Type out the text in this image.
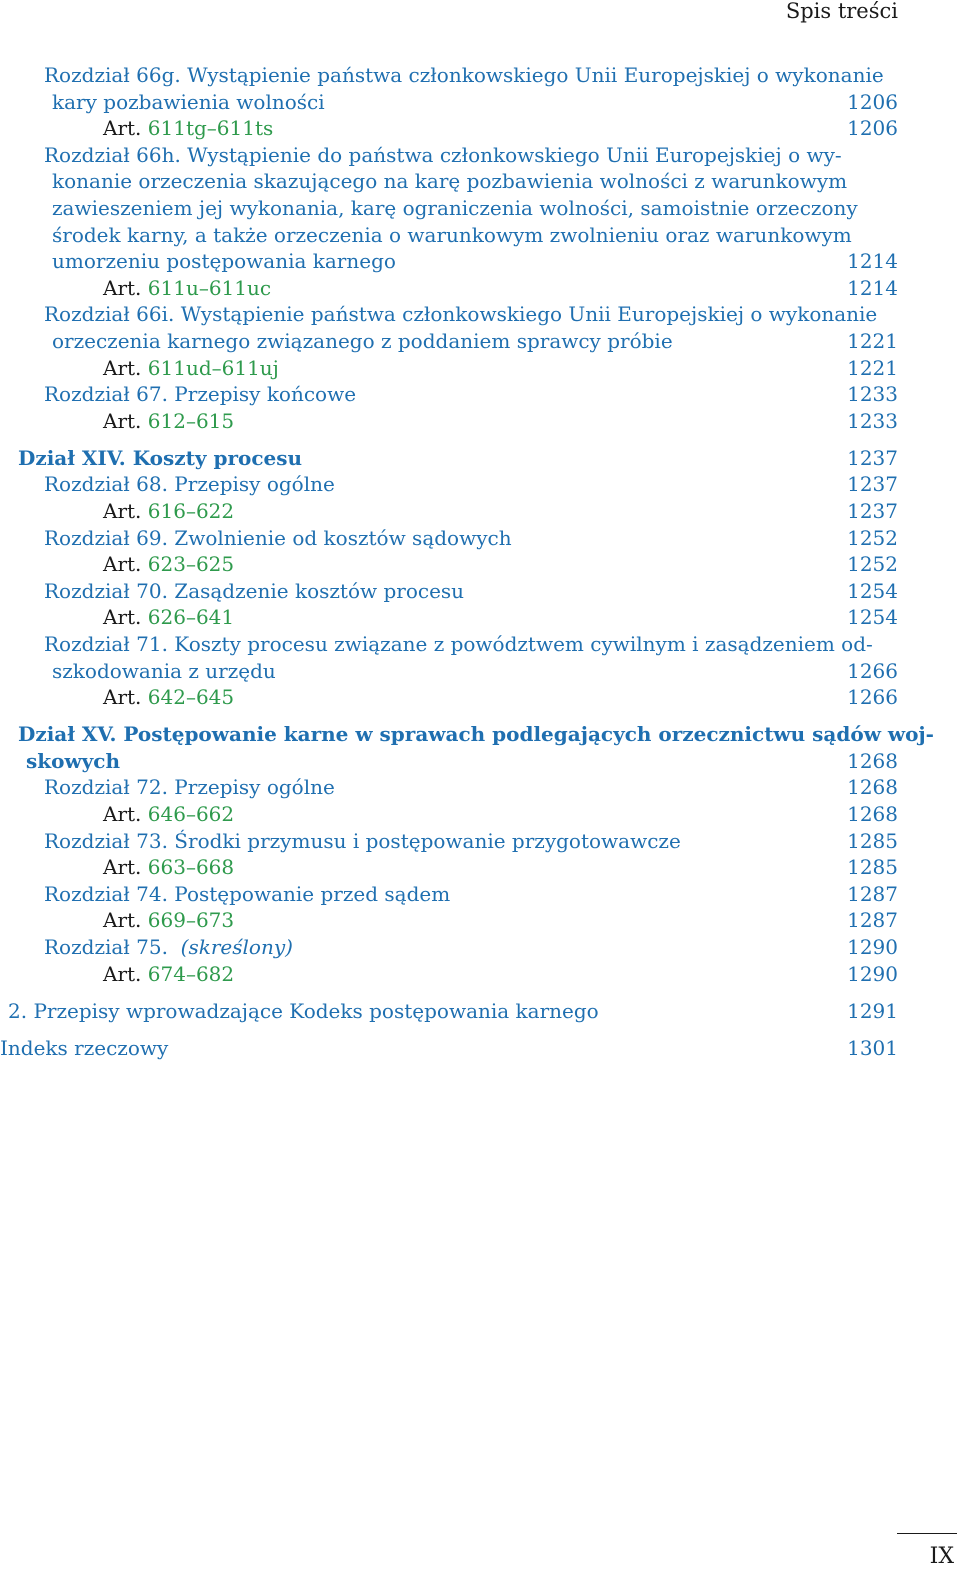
Spis treści
Rozdział 66g. Wystąpienie państwa członkowskiego Unii Europejskiej o wykonanie
kary pozbawienia wolności	1206
Art. 611tg–611ts	1206
Rozdział 66h. Wystąpienie do państwa członkowskiego Unii Europejskiej o wy-
konanie orzeczenia skazującego na karę pozbawienia wolności z warunkowym
zawieszeniem jej wykonania, karę ograniczenia wolności, samoistnie orzeczony
środek karny, a także orzeczenia o warunkowym zwolnieniu oraz warunkowym
umorzeniu postępowania karnego	1214
Art. 611u–611uc	1214
Rozdział 66i. Wystąpienie państwa członkowskiego Unii Europejskiej o wykonanie
orzeczenia karnego związanego z poddaniem sprawcy próbie	1221
Art. 611ud–611uj	1221
Rozdział 67. Przepisy końcowe	1233
Art. 612–615	1233
Dział XIV. Koszty procesu	1237
Rozdział 68. Przepisy ogólne	1237
Art. 616–622	1237
Rozdział 69. Zwolnienie od kosztów sądowych	1252
Art. 623–625	1252
Rozdział 70. Zasądzenie kosztów procesu	1254
Art. 626–641	1254
Rozdział 71. Koszty procesu związane z powództwem cywilnym i zasądzeniem od-
szkodowania z urzędu	1266
Art. 642–645	1266
Dział XV. Postępowanie karne w sprawach podlegających orzecznictwu sądów woj-
skowych	1268
Rozdział 72. Przepisy ogólne	1268
Art. 646–662	1268
Rozdział 73. Środki przymusu i postępowanie przygotowawcze	1285
Art. 663–668	1285
Rozdział 74. Postępowanie przed sądem	1287
Art. 669–673	1287
Rozdział 75. (skreślony)	1290
Art. 674–682	1290
2. Przepisy wprowadzające Kodeks postępowania karnego	1291
Indeks rzeczowy	1301
IX
